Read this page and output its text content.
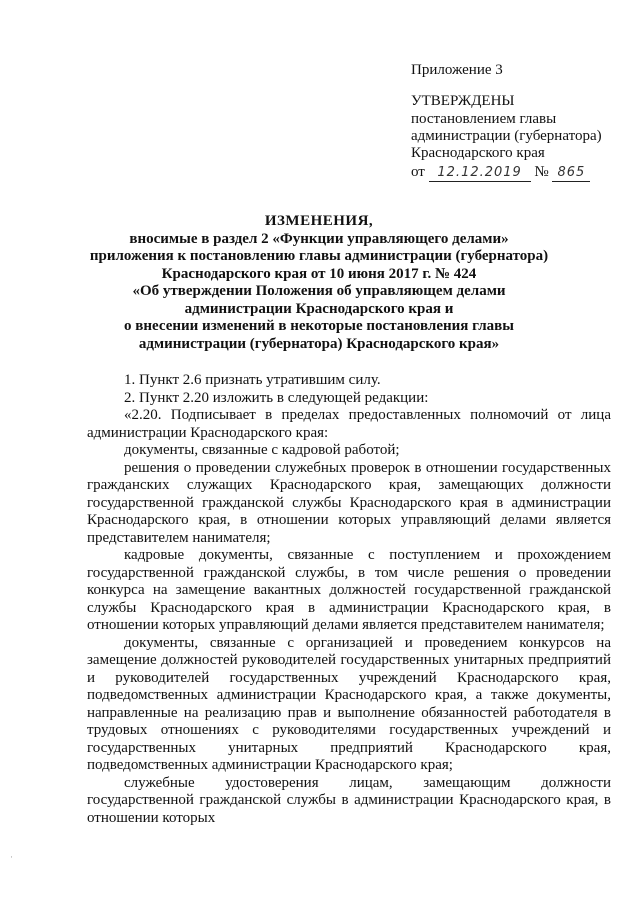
Приложение 3
УТВЕРЖДЕНЫ
постановлением главы
администрации (губернатора)
Краснодарского края
от 12.12.2019 № 865
ИЗМЕНЕНИЯ,
вносимые в раздел 2 «Функции управляющего делами»
приложения к постановлению главы администрации (губернатора)
Краснодарского края от 10 июня 2017 г. № 424
«Об утверждении Положения об управляющем делами
администрации Краснодарского края и
о внесении изменений в некоторые постановления главы
администрации (губернатора) Краснодарского края»

1. Пункт 2.6 признать утратившим силу.

2. Пункт 2.20 изложить в следующей редакции:

«2.20. Подписывает в пределах предоставленных полномочий от лица администрации Краснодарского края:

документы, связанные с кадровой работой;

решения о проведении служебных проверок в отношении государственных гражданских служащих Краснодарского края, замещающих должности государственной гражданской службы Краснодарского края в администрации Краснодарского края, в отношении которых управляющий делами является представителем нанимателя;

кадровые документы, связанные с поступлением и прохождением государственной гражданской службы, в том числе решения о проведении конкурса на замещение вакантных должностей государственной гражданской службы Краснодарского края в администрации Краснодарского края, в отношении которых управляющий делами является представителем нанимателя;

документы, связанные с организацией и проведением конкурсов на замещение должностей руководителей государственных унитарных предприятий и руководителей государственных учреждений Краснодарского края, подведомственных администрации Краснодарского края, а также документы, направленные на реализацию прав и выполнение обязанностей работодателя в трудовых отношениях с руководителями государственных учреждений и государственных унитарных предприятий Краснодарского края, подведомственных администрации Краснодарского края;

служебные удостоверения лицам, замещающим должности государственной гражданской службы в администрации Краснодарского края, в отношении которых

·
